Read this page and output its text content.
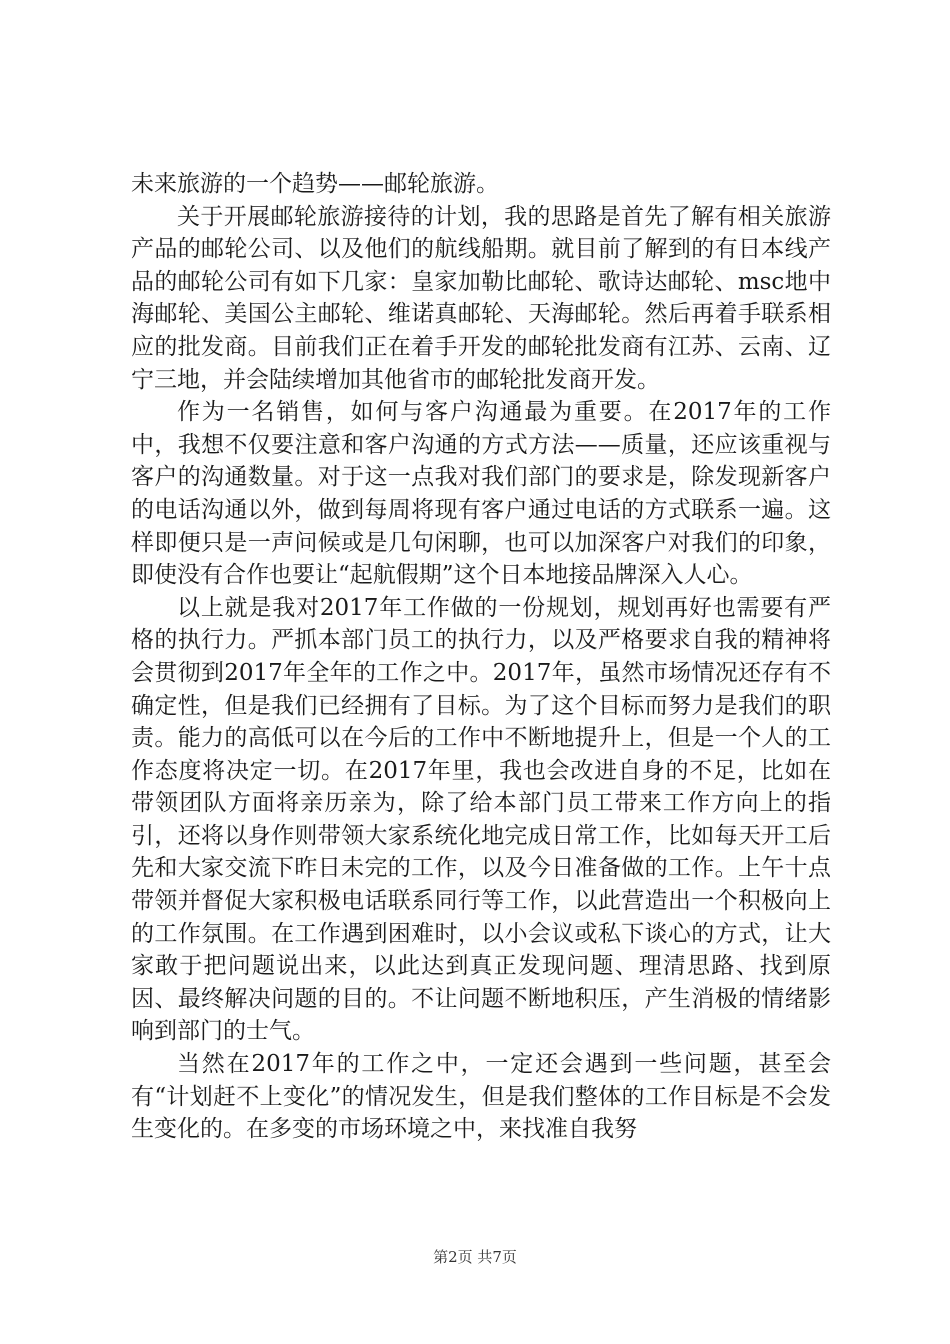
未来旅游的一个趋势——邮轮旅游。

关于开展邮轮旅游接待的计划，我的思路是首先了解有相关旅游产品的邮轮公司、以及他们的航线船期。就目前了解到的有日本线产品的邮轮公司有如下几家：皇家加勒比邮轮、歌诗达邮轮、msc地中海邮轮、美国公主邮轮、维诺真邮轮、天海邮轮。然后再着手联系相应的批发商。目前我们正在着手开发的邮轮批发商有江苏、云南、辽宁三地，并会陆续增加其他省市的邮轮批发商开发。

作为一名销售，如何与客户沟通最为重要。在2017年的工作中，我想不仅要注意和客户沟通的方式方法——质量，还应该重视与客户的沟通数量。对于这一点我对我们部门的要求是，除发现新客户的电话沟通以外，做到每周将现有客户通过电话的方式联系一遍。这样即便只是一声问候或是几句闲聊，也可以加深客户对我们的印象，即使没有合作也要让“起航假期”这个日本地接品牌深入人心。

以上就是我对2017年工作做的一份规划，规划再好也需要有严格的执行力。严抓本部门员工的执行力，以及严格要求自我的精神将会贯彻到2017年全年的工作之中。2017年，虽然市场情况还存有不确定性，但是我们已经拥有了目标。为了这个目标而努力是我们的职责。能力的高低可以在今后的工作中不断地提升上，但是一个人的工作态度将决定一切。在2017年里，我也会改进自身的不足，比如在带领团队方面将亲历亲为，除了给本部门员工带来工作方向上的指引，还将以身作则带领大家系统化地完成日常工作，比如每天开工后先和大家交流下昨日未完的工作，以及今日准备做的工作。上午十点带领并督促大家积极电话联系同行等工作，以此营造出一个积极向上的工作氛围。在工作遇到困难时，以小会议或私下谈心的方式，让大家敢于把问题说出来，以此达到真正发现问题、理清思路、找到原因、最终解决问题的目的。不让问题不断地积压，产生消极的情绪影响到部门的士气。

当然在2017年的工作之中，一定还会遇到一些问题，甚至会有“计划赶不上变化”的情况发生，但是我们整体的工作目标是不会发生变化的。在多变的市场环境之中，来找准自我努

第2页 共7页
